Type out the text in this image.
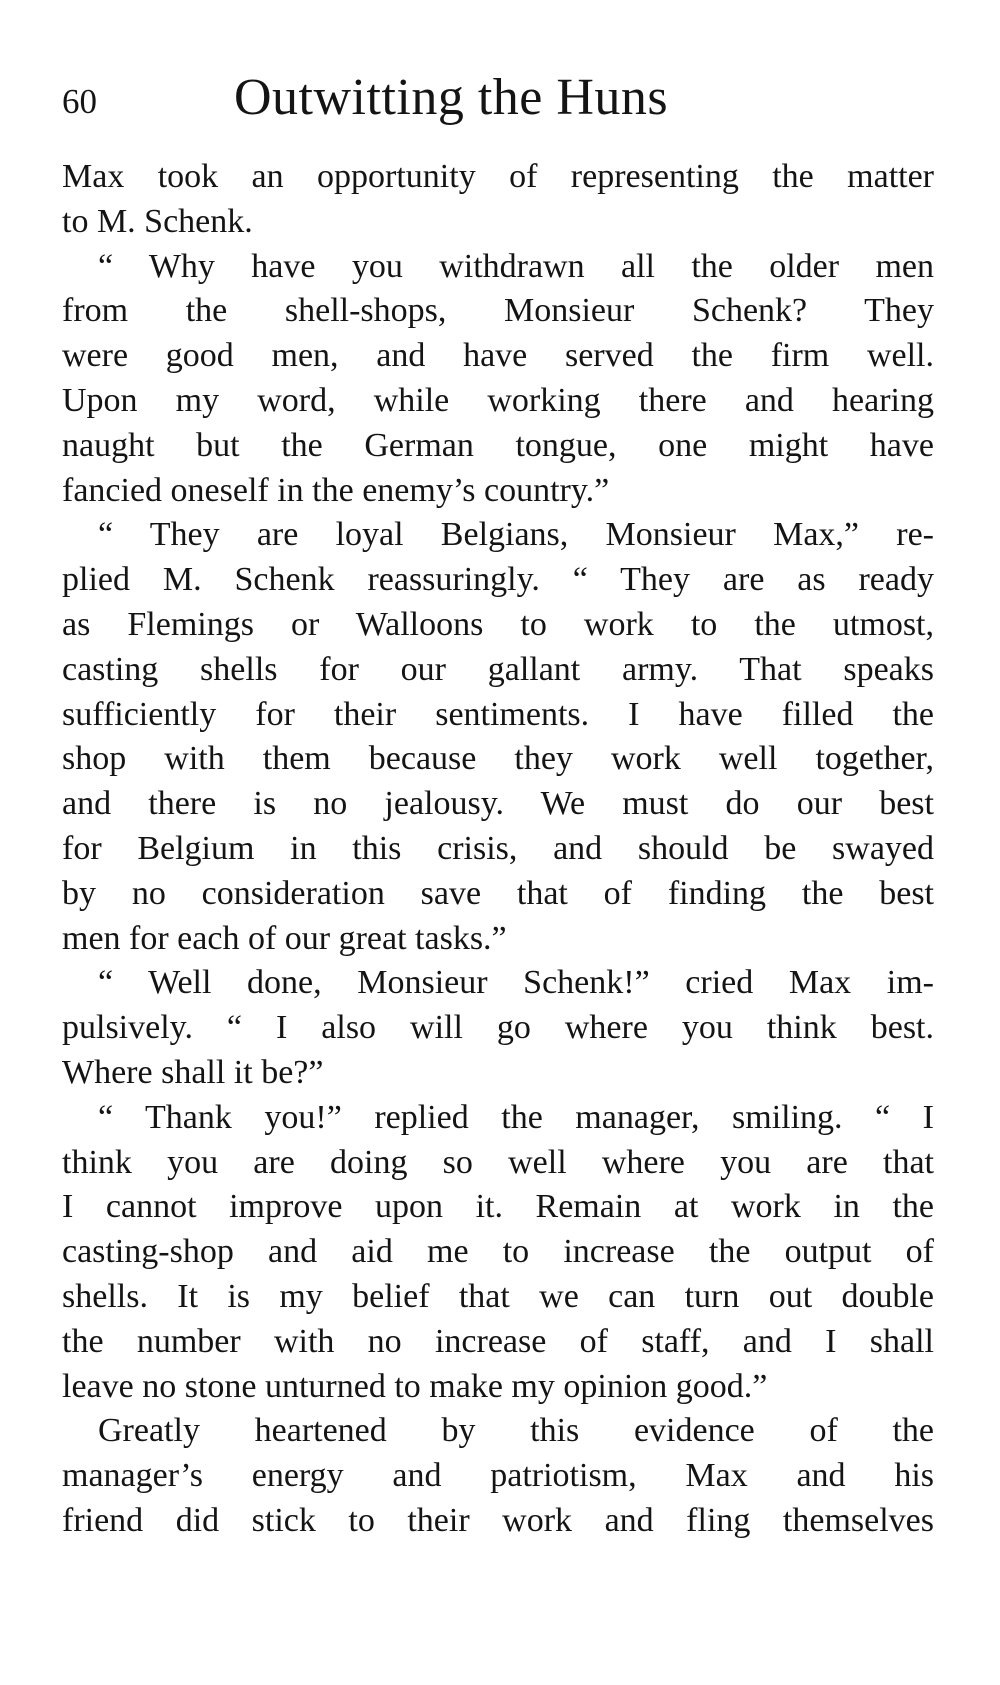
60	Outwitting the Huns

Max took an opportunity of representing the matter
to M. Schenk.

“ Why have you withdrawn all the older men
from the shell-shops, Monsieur Schenk? They
were good men, and have served the firm well.
Upon my word, while working there and hearing
naught but the German tongue, one might have
fancied oneself in the enemy’s country.”

“ They are loyal Belgians, Monsieur Max,” re-
plied M. Schenk reassuringly. “ They are as ready
as Flemings or Walloons to work to the utmost,
casting shells for our gallant army. That speaks
sufficiently for their sentiments. I have filled the
shop with them because they work well together,
and there is no jealousy. We must do our best
for Belgium in this crisis, and should be swayed
by no consideration save that of finding the best
men for each of our great tasks.”

“ Well done, Monsieur Schenk!” cried Max im-
pulsively. “ I also will go where you think best.
Where shall it be?”

“ Thank you!” replied the manager, smiling. “ I
think you are doing so well where you are that
I cannot improve upon it. Remain at work in the
casting-shop and aid me to increase the output of
shells. It is my belief that we can turn out double
the number with no increase of staff, and I shall
leave no stone unturned to make my opinion good.”

Greatly heartened by this evidence of the
manager’s energy and patriotism, Max and his
friend did stick to their work and fling themselves
